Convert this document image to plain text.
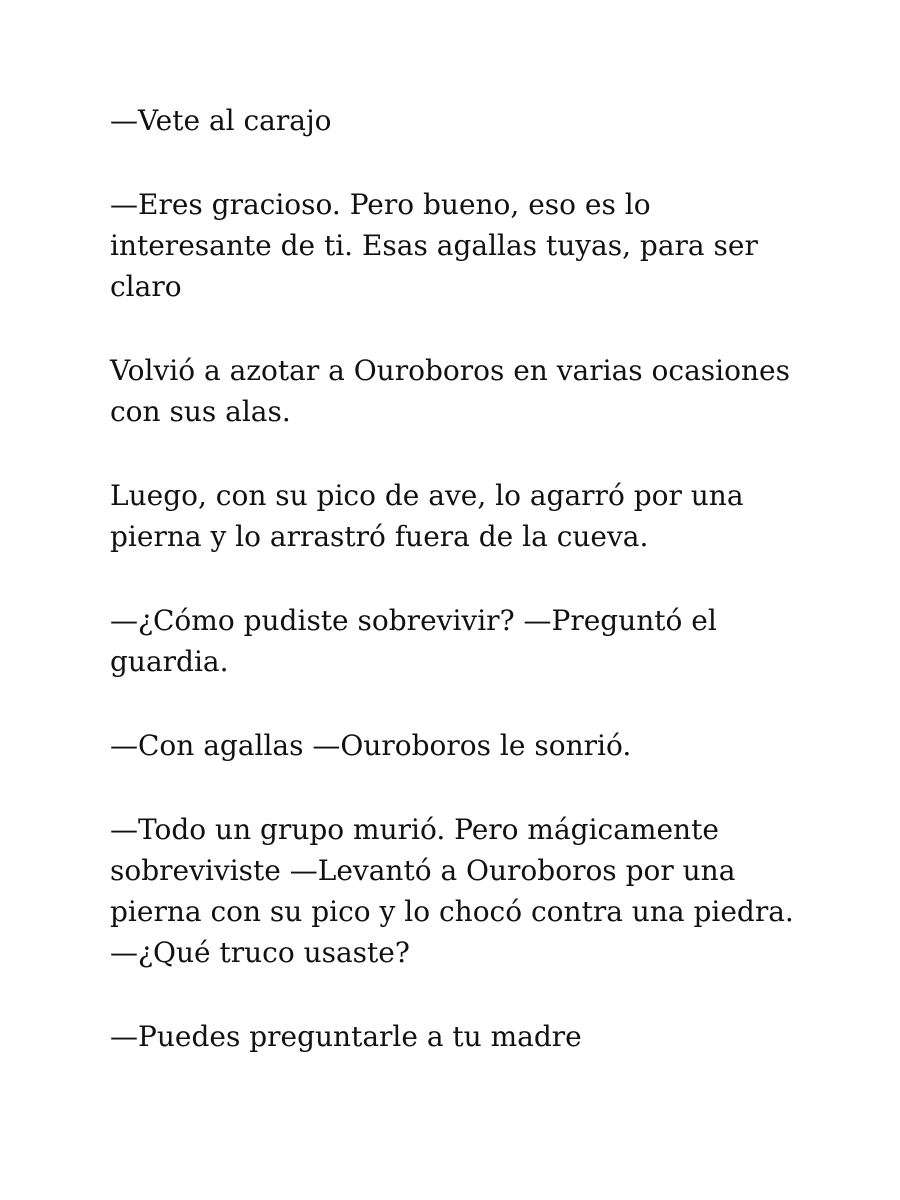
—Vete al carajo

—Eres gracioso. Pero bueno, eso es lo
interesante de ti. Esas agallas tuyas, para ser
claro

Volvió a azotar a Ouroboros en varias ocasiones
con sus alas.

Luego, con su pico de ave, lo agarró por una
pierna y lo arrastró fuera de la cueva.

—¿Cómo pudiste sobrevivir? —Preguntó el
guardia.

—Con agallas —Ouroboros le sonrió.

—Todo un grupo murió. Pero mágicamente
sobreviviste —Levantó a Ouroboros por una
pierna con su pico y lo chocó contra una piedra.
—¿Qué truco usaste?

—Puedes preguntarle a tu madre
